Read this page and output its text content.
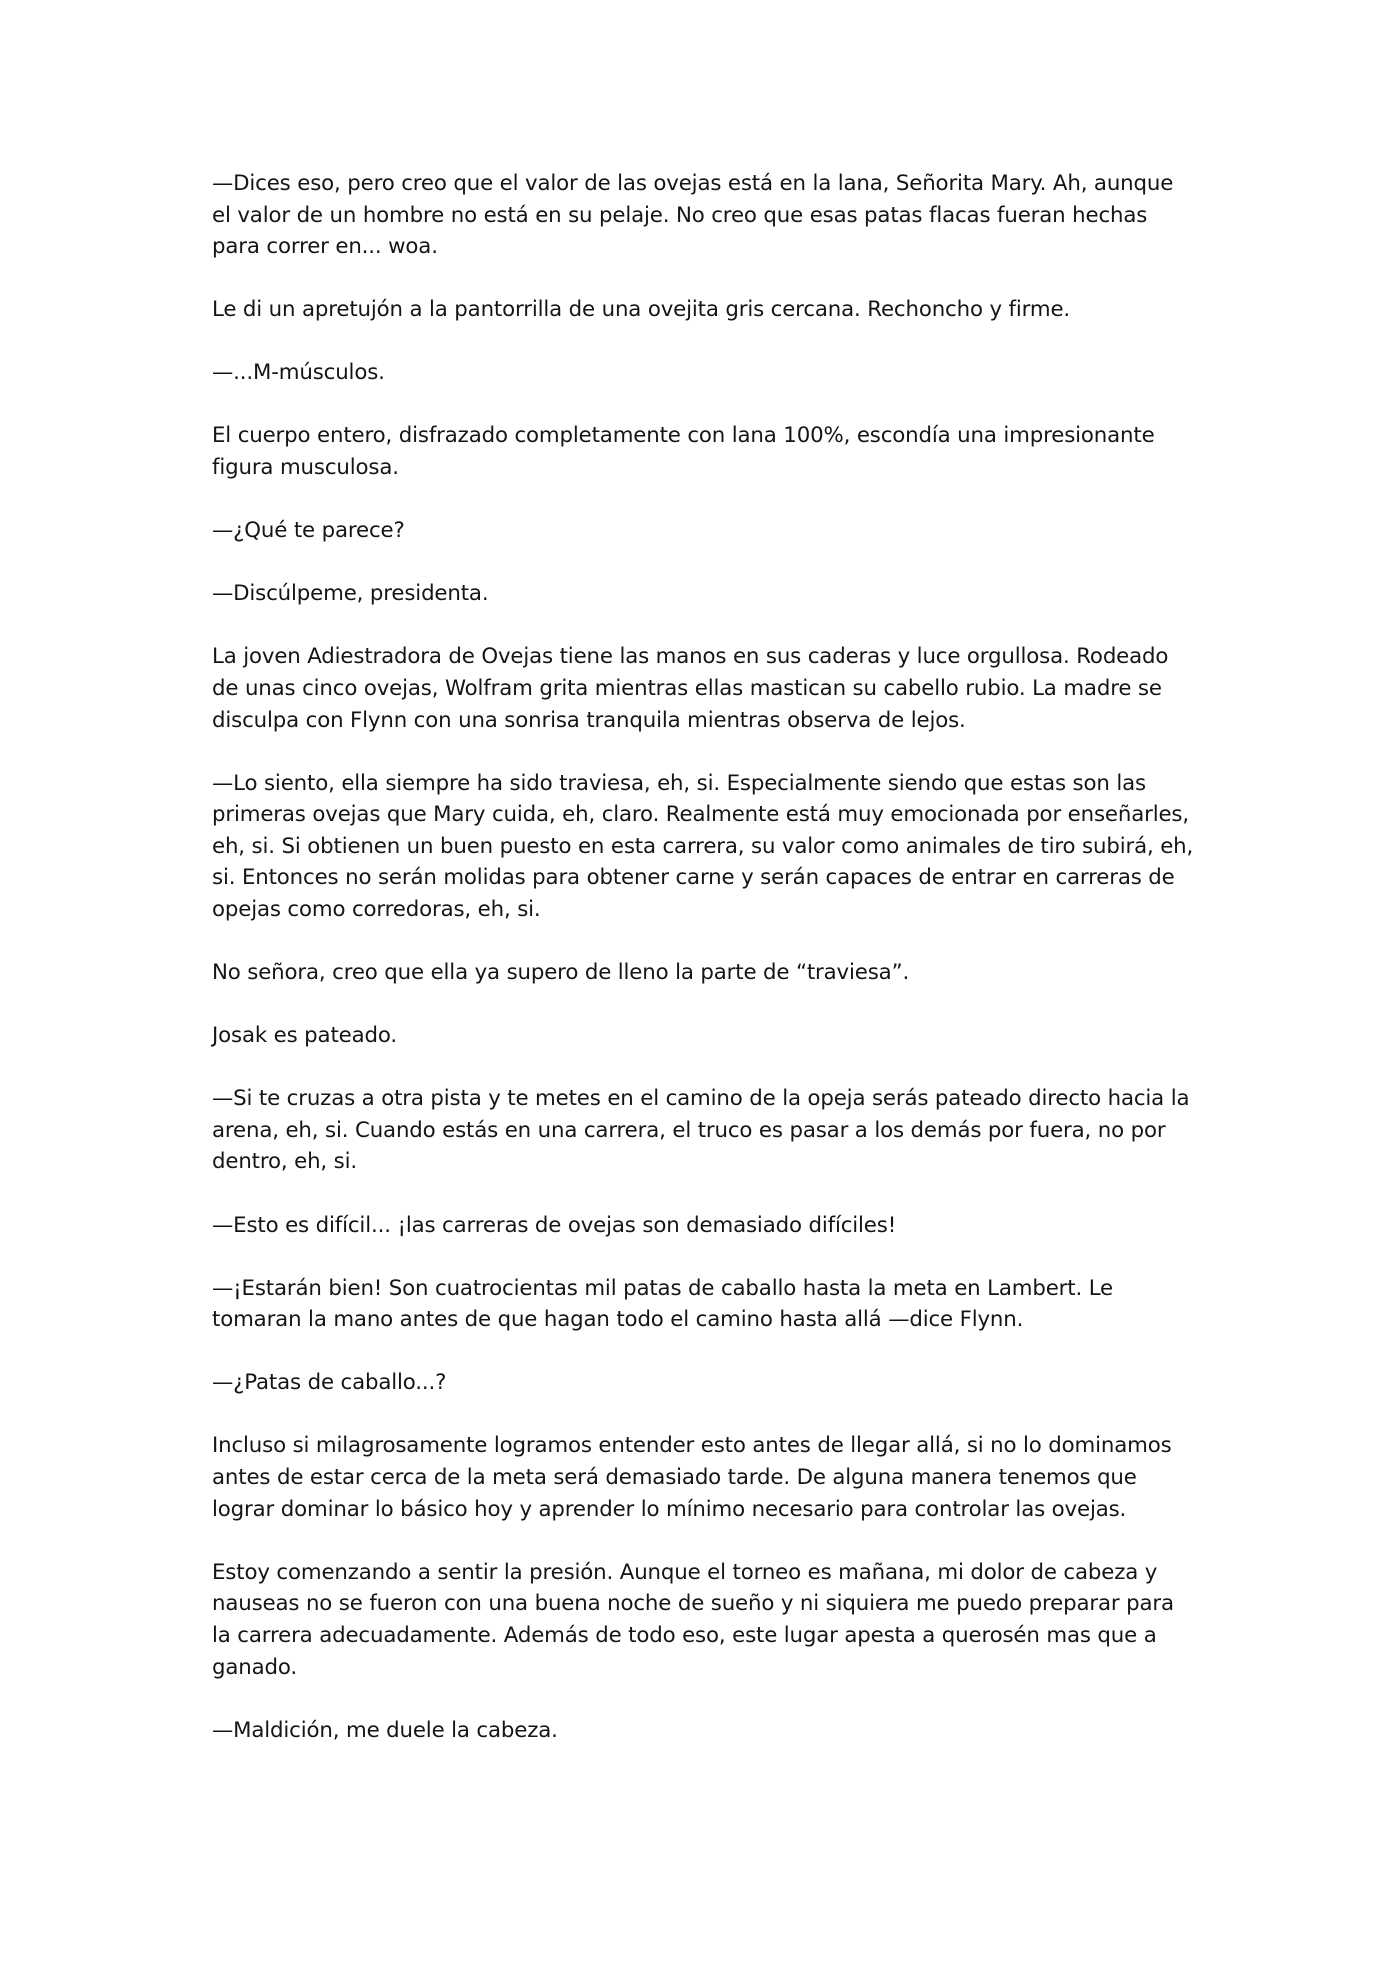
—Dices eso, pero creo que el valor de las ovejas está en la lana, Señorita Mary. Ah, aunque el valor de un hombre no está en su pelaje. No creo que esas patas flacas fueran hechas para correr en... woa.

Le di un apretujón a la pantorrilla de una ovejita gris cercana. Rechoncho y firme.

—...M-músculos.

El cuerpo entero, disfrazado completamente con lana 100%, escondía una impresionante figura musculosa.

—¿Qué te parece?

—Discúlpeme, presidenta.

La joven Adiestradora de Ovejas tiene las manos en sus caderas y luce orgullosa. Rodeado de unas cinco ovejas, Wolfram grita mientras ellas mastican su cabello rubio. La madre se disculpa con Flynn con una sonrisa tranquila mientras observa de lejos.

—Lo siento, ella siempre ha sido traviesa, eh, si. Especialmente siendo que estas son las primeras ovejas que Mary cuida, eh, claro. Realmente está muy emocionada por enseñarles, eh, si. Si obtienen un buen puesto en esta carrera, su valor como animales de tiro subirá, eh, si. Entonces no serán molidas para obtener carne y serán capaces de entrar en carreras de opejas como corredoras, eh, si.

No señora, creo que ella ya supero de lleno la parte de “traviesa”.

Josak es pateado.

—Si te cruzas a otra pista y te metes en el camino de la opeja serás pateado directo hacia la arena, eh, si. Cuando estás en una carrera, el truco es pasar a los demás por fuera, no por dentro, eh, si.

—Esto es difícil... ¡las carreras de ovejas son demasiado difíciles!

—¡Estarán bien! Son cuatrocientas mil patas de caballo hasta la meta en Lambert. Le tomaran la mano antes de que hagan todo el camino hasta allá —dice Flynn.

—¿Patas de caballo...?

Incluso si milagrosamente logramos entender esto antes de llegar allá, si no lo dominamos antes de estar cerca de la meta será demasiado tarde. De alguna manera tenemos que lograr dominar lo básico hoy y aprender lo mínimo necesario para controlar las ovejas.

Estoy comenzando a sentir la presión. Aunque el torneo es mañana, mi dolor de cabeza y nauseas no se fueron con una buena noche de sueño y ni siquiera me puedo preparar para la carrera adecuadamente. Además de todo eso, este lugar apesta a querosén mas que a ganado.

—Maldición, me duele la cabeza.
